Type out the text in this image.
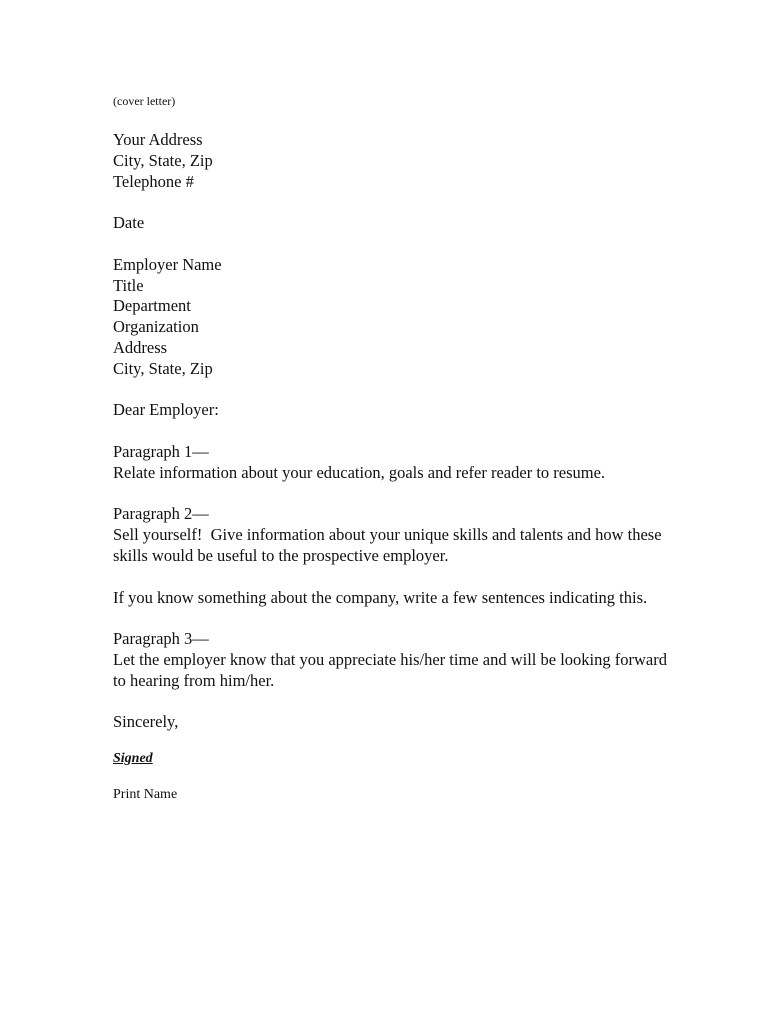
(cover letter)
Your Address
City, State, Zip
Telephone #
Date
Employer Name
Title
Department
Organization
Address
City, State, Zip
Dear Employer:
Paragraph 1—
Relate information about your education, goals and refer reader to resume.
Paragraph 2—
Sell yourself!  Give information about your unique skills and talents and how these skills would be useful to the prospective employer.
If you know something about the company, write a few sentences indicating this.
Paragraph 3—
Let the employer know that you appreciate his/her time and will be looking forward to hearing from him/her.
Sincerely,
Signed
Print Name
